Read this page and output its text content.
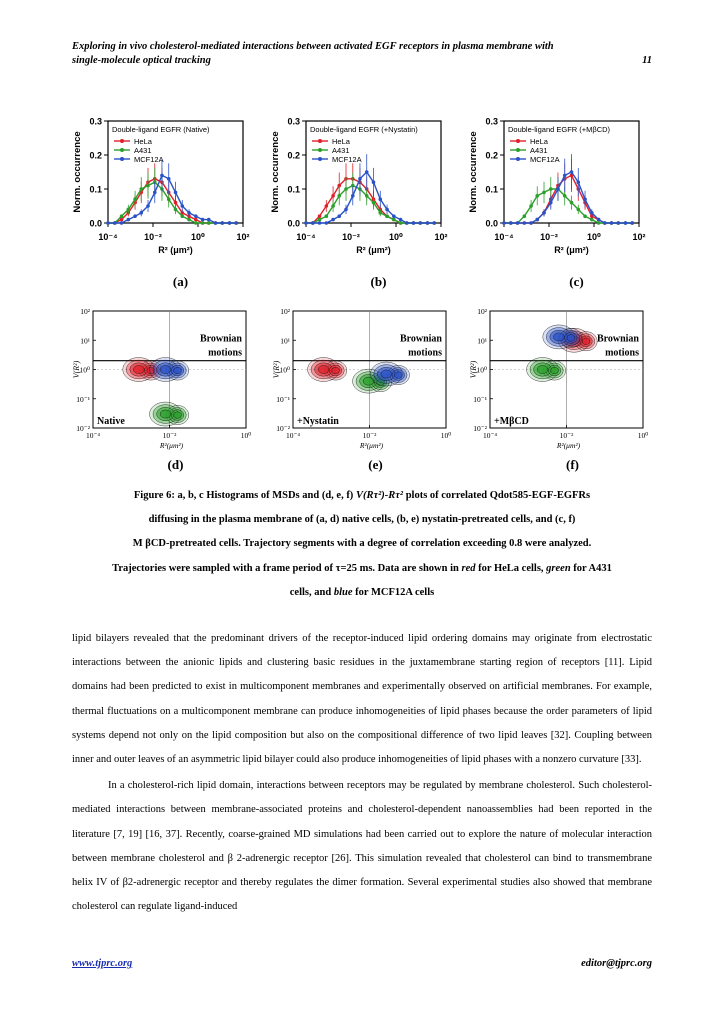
Exploring in vivo cholesterol-mediated interactions between activated EGF receptors in plasma membrane with
single-molecule optical tracking	11
0.0
0.1
0.2
0.3
10⁻⁴	10⁻²	10⁰	10²
R² (μm²)
Norm. occurrence
Double-ligand EGFR (Native)
HeLa
A431
MCF12A
(a)
0.0
0.1
0.2
0.3
10⁻⁴	10⁻²	10⁰	10²
R² (μm²)
Norm. occurrence
Double-ligand EGFR (+Nystatin)
HeLa
A431
MCF12A
(b)
0.0
0.1
0.2
0.3
10⁻⁴	10⁻²	10⁰	10²
R² (μm²)
Norm. occurrence
Double-ligand EGFR (+MβCD)
HeLa
A431
MCF12A
(c)
10⁻²
10⁻¹
10⁰
10¹
10²
10⁻⁴	10⁻²	10⁰
R²(μm²)
V(R²)
Brownian
motions
Native
(d)
10⁻²
10⁻¹
10⁰
10¹
10²
10⁻⁴	10⁻²	10⁰
R²(μm²)
V(R²)
Brownian
motions
+Nystatin
(e)
10⁻²
10⁻¹
10⁰
10¹
10²
10⁻⁴	10⁻²	10⁰
R²(μm²)
V(R²)
Brownian
motions
+MβCD
(f)
Figure 6: a, b, c Histograms of MSDs and (d, e, f) V(Rτ²)-Rτ² plots of correlated Qdot585-EGF-EGFRs
diffusing in the plasma membrane of (a, d) native cells, (b, e) nystatin-pretreated cells, and (c, f)
M βCD-pretreated cells. Trajectory segments with a degree of correlation exceeding 0.8 were analyzed.
Trajectories were sampled with a frame period of τ=25 ms. Data are shown in red for HeLa cells, green for A431
cells, and blue for MCF12A cells

lipid bilayers revealed that the predominant drivers of the receptor-induced lipid ordering domains may originate from electrostatic interactions between the anionic lipids and clustering basic residues in the juxtamembrane starting region of receptors [11]. Lipid domains had been predicted to exist in multicomponent membranes and experimentally observed on artificial membranes. For example, thermal fluctuations on a multicomponent membrane can produce inhomogeneities of lipid phases because the order parameters of lipid systems depend not only on the lipid composition but also on the compositional difference of two lipid leaves [32]. Coupling between inner and outer leaves of an asymmetric lipid bilayer could also produce inhomogeneities of lipid phases with a nonzero curvature [33].

In a cholesterol-rich lipid domain, interactions between receptors may be regulated by membrane cholesterol. Such cholesterol-mediated interactions between membrane-associated proteins and cholesterol-dependent nanoassemblies had been reported in the literature [7, 19] [16, 37]. Recently, coarse-grained MD simulations had been carried out to explore the nature of molecular interaction between membrane cholesterol and β 2-adrenergic receptor [26]. This simulation revealed that cholesterol can bind to transmembrane helix IV of β2-adrenergic receptor and thereby regulates the dimer formation. Several experimental studies also showed that membrane cholesterol can regulate ligand-induced

www.tjprc.org	editor@tjprc.org
